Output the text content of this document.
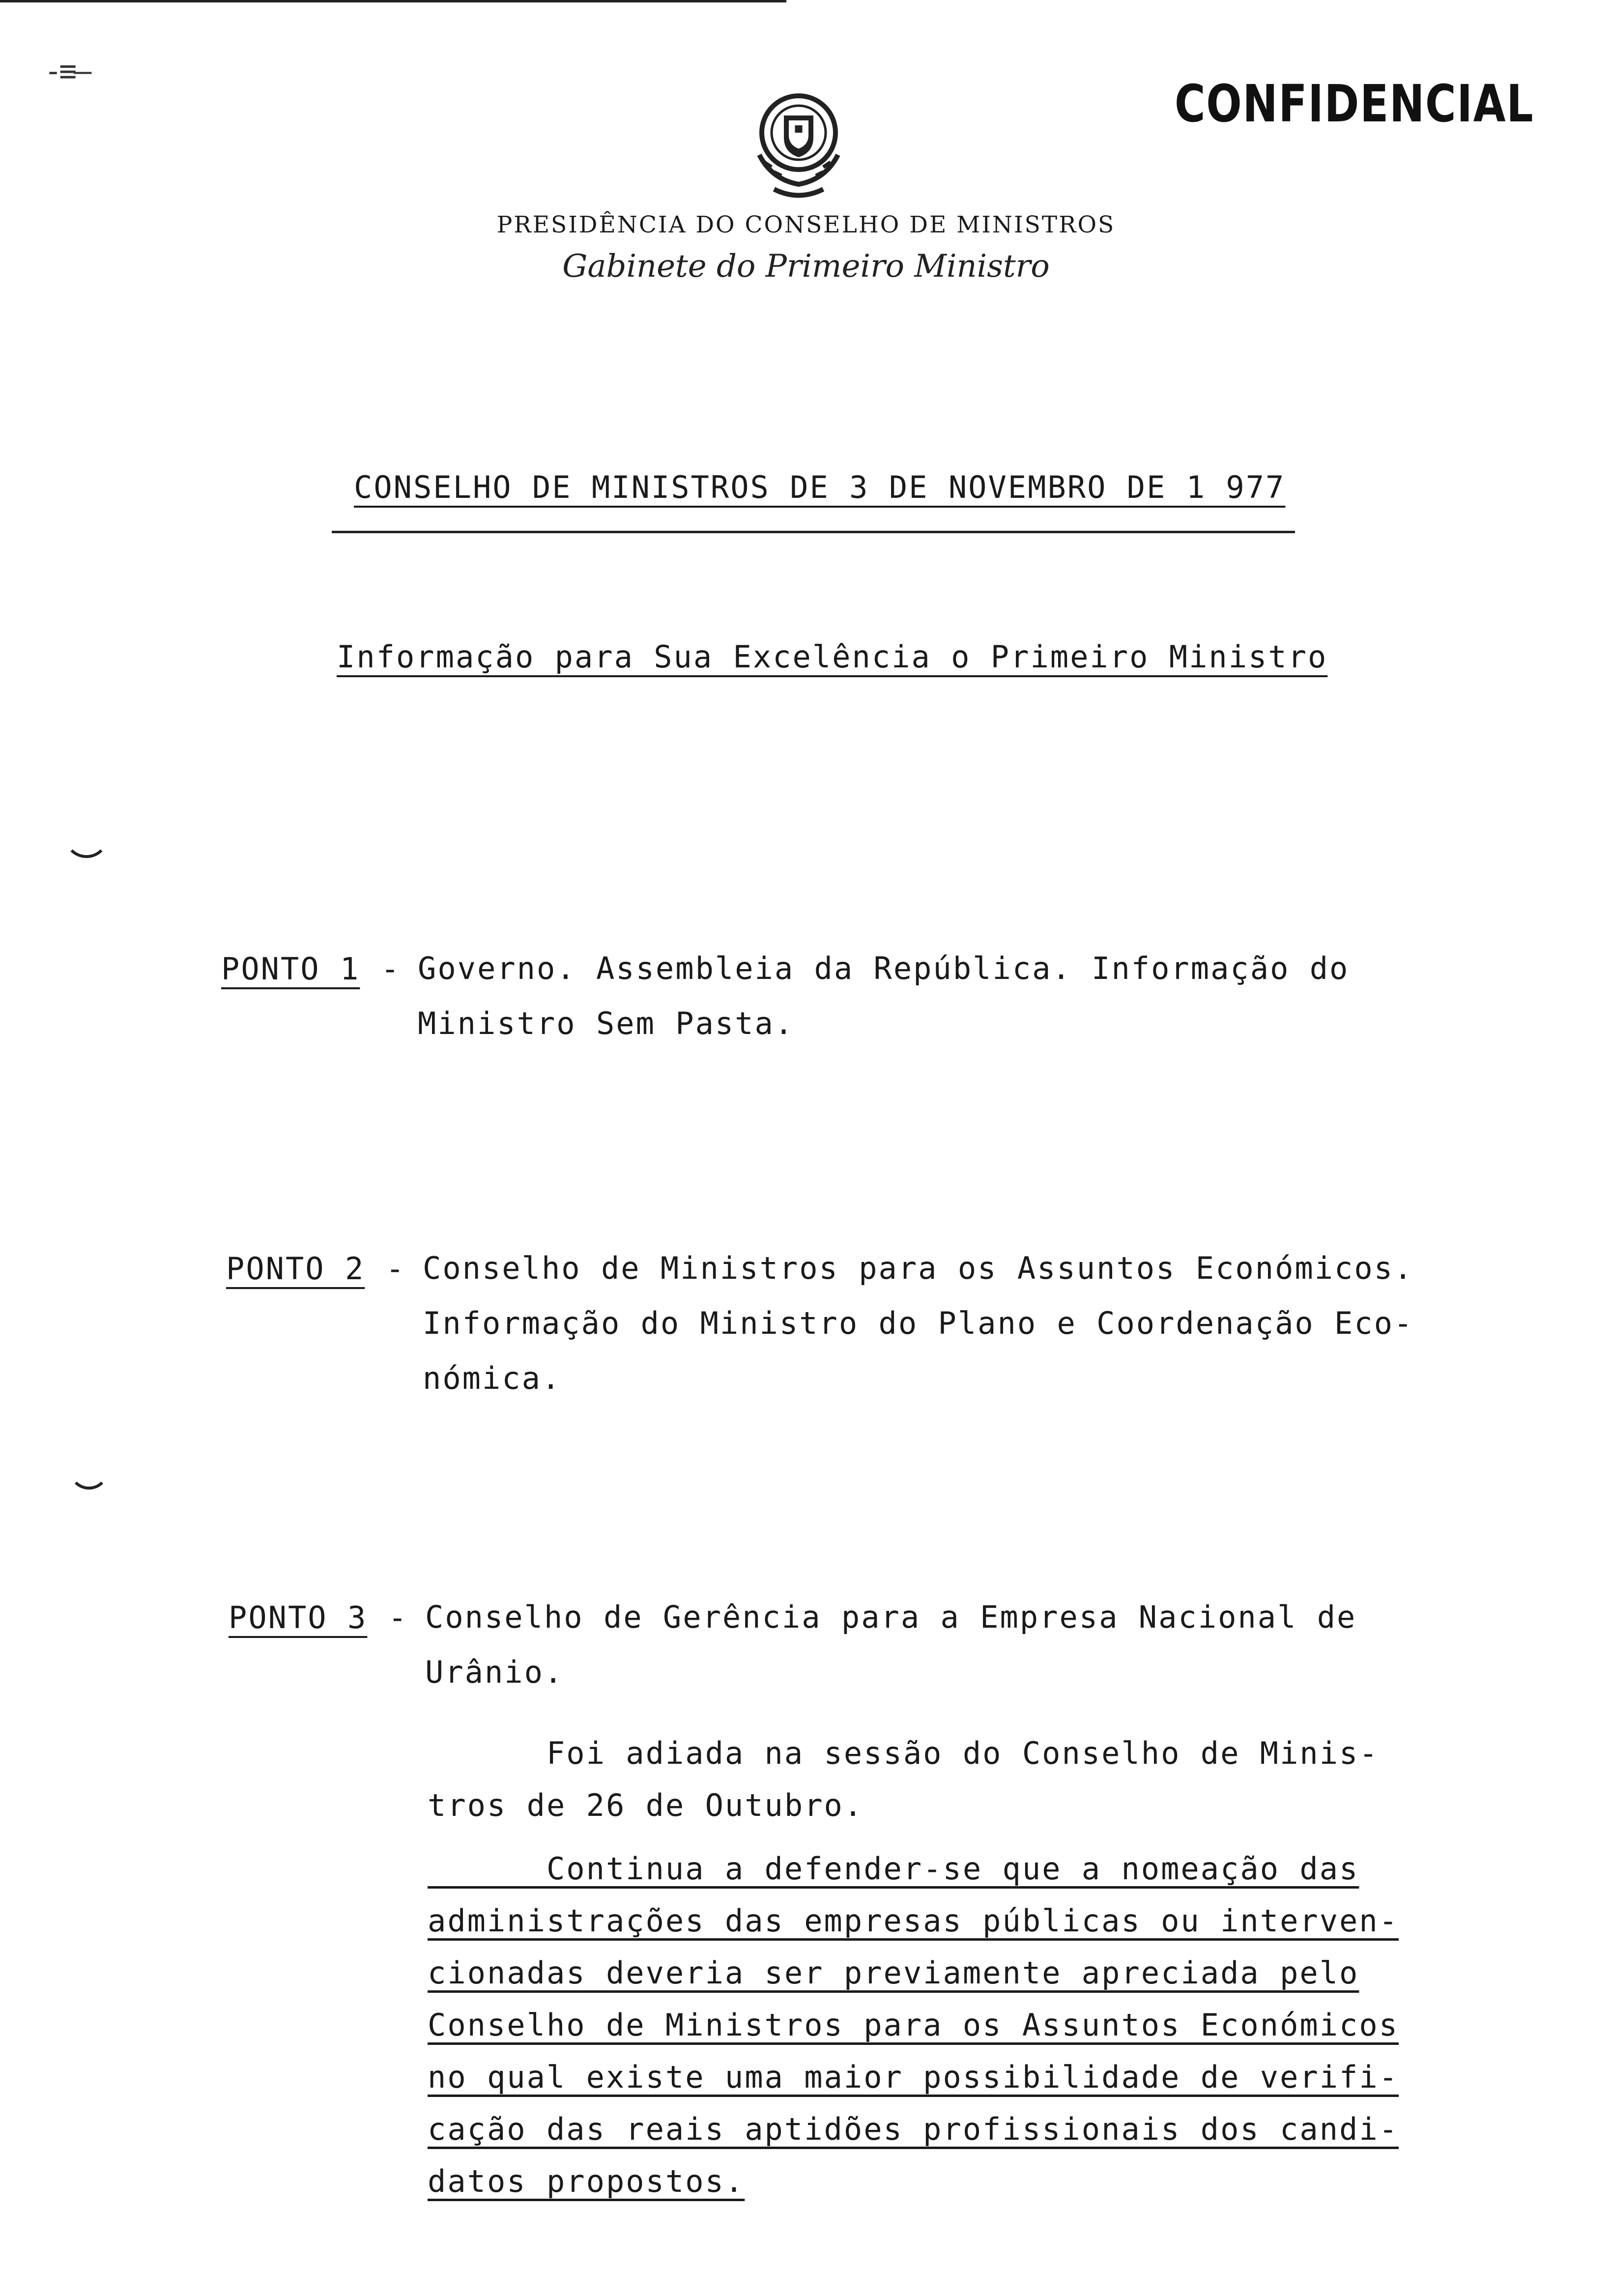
-≡—
CONFIDENCIAL
PRESIDÊNCIA DO CONSELHO DE MINISTROS
Gabinete do Primeiro Ministro
CONSELHO DE MINISTROS DE 3 DE NOVEMBRO DE 1 977
Informação para Sua Excelência o Primeiro Ministro
PONTO 1 - Governo. Assembleia da República. Informação do
Ministro Sem Pasta.
PONTO 2 - Conselho de Ministros para os Assuntos Económicos.
Informação do Ministro do Plano e Coordenação Eco-
nómica.
PONTO 3 - Conselho de Gerência para a Empresa Nacional de
Urânio.
Foi adiada na sessão do Conselho de Minis-
tros de 26 de Outubro.
Continua a defender-se que a nomeação das
administrações das empresas públicas ou interven-
cionadas deveria ser previamente apreciada pelo
Conselho de Ministros para os Assuntos Económicos
no qual existe uma maior possibilidade de verifi-
cação das reais aptidões profissionais dos candi-
datos propostos.
